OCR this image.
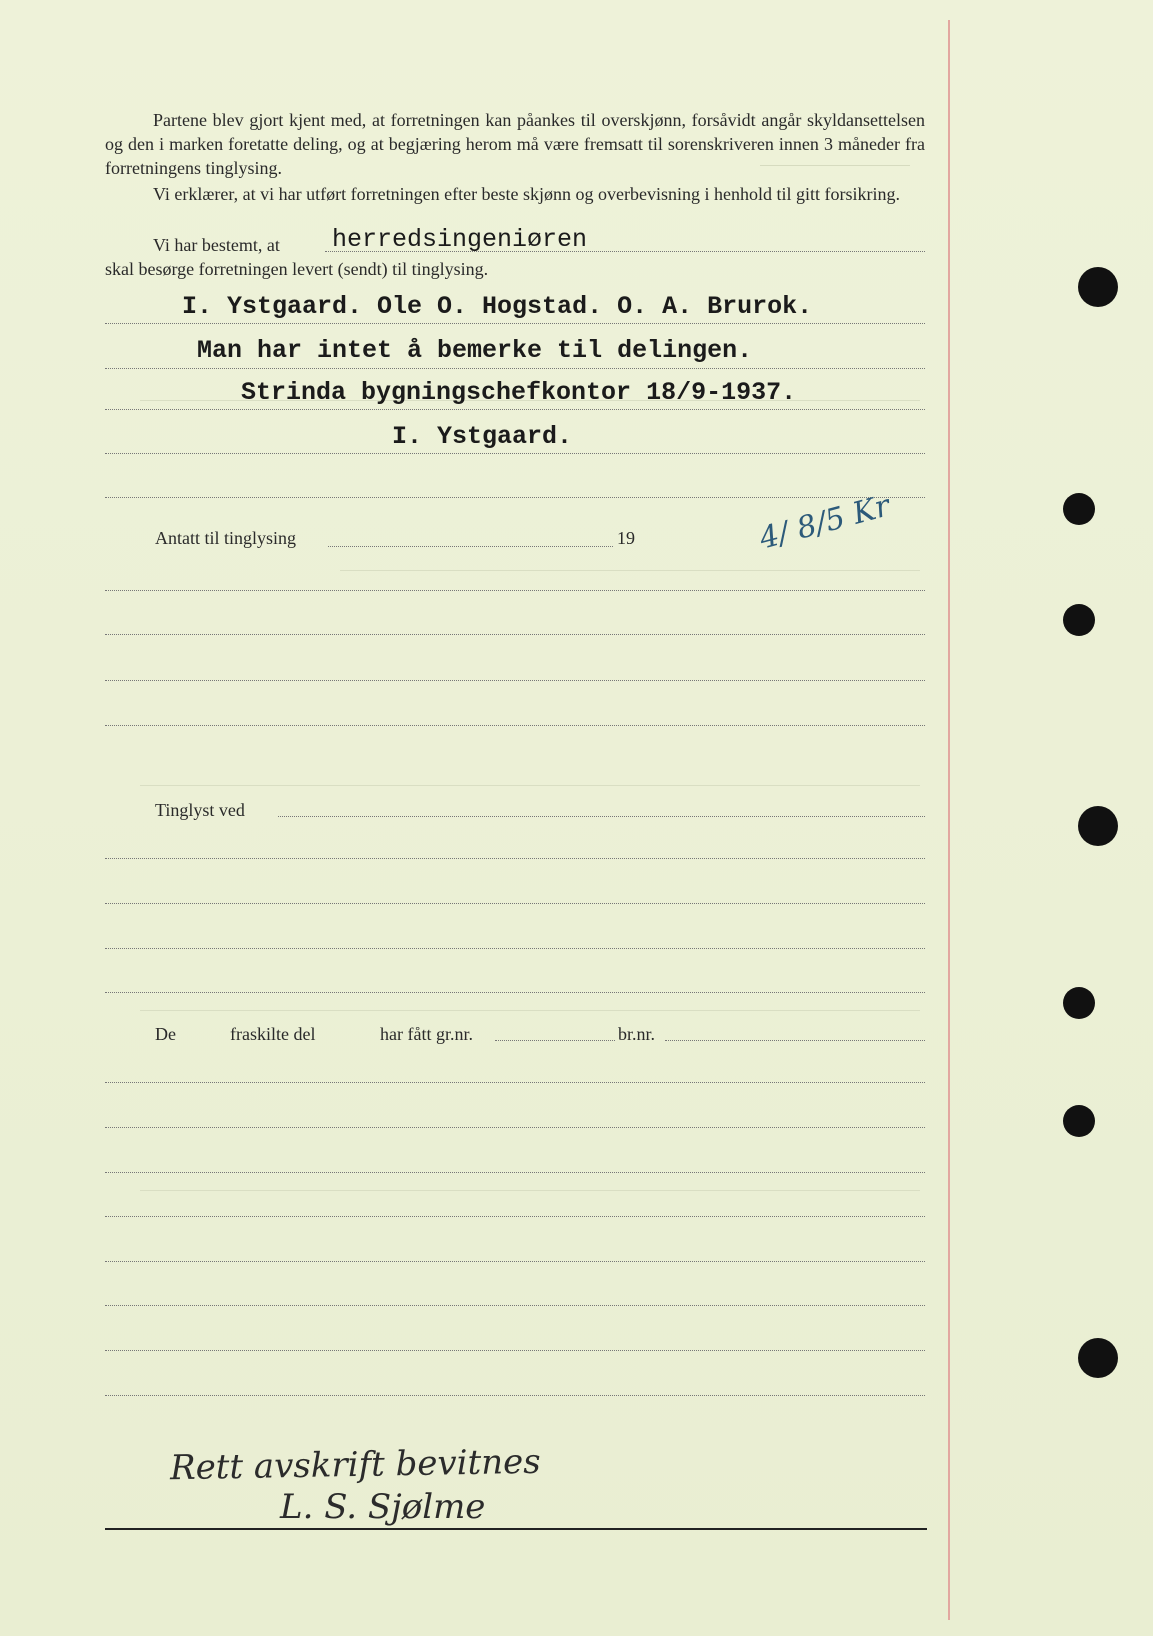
Partene blev gjort kjent med, at forretningen kan påankes til overskjønn, forsåvidt angår skyldansettelsen og den i marken foretatte deling, og at begjæring herom må være fremsatt til sorenskriveren innen 3 måneder fra forretningens tinglysing.
Vi erklærer, at vi har utført forretningen efter beste skjønn og overbevisning i henhold til gitt forsikring.
Vi har bestemt, at herredsingeniøren
skal besørge forretningen levert (sendt) til tinglysing.
I. Ystgaard. Ole O. Hogstad. O. A. Brurok.
Man har intet å bemerke til delingen.
Strinda bygningschefkontor 18/9-1937.
I. Ystgaard.
Antatt til tinglysing	19	4/ 8/5 Kr
Tinglyst ved
De	fraskilte del	har fått gr.nr.	br.nr.
Rett avskrift bevitnes
L. S. Sjølme
